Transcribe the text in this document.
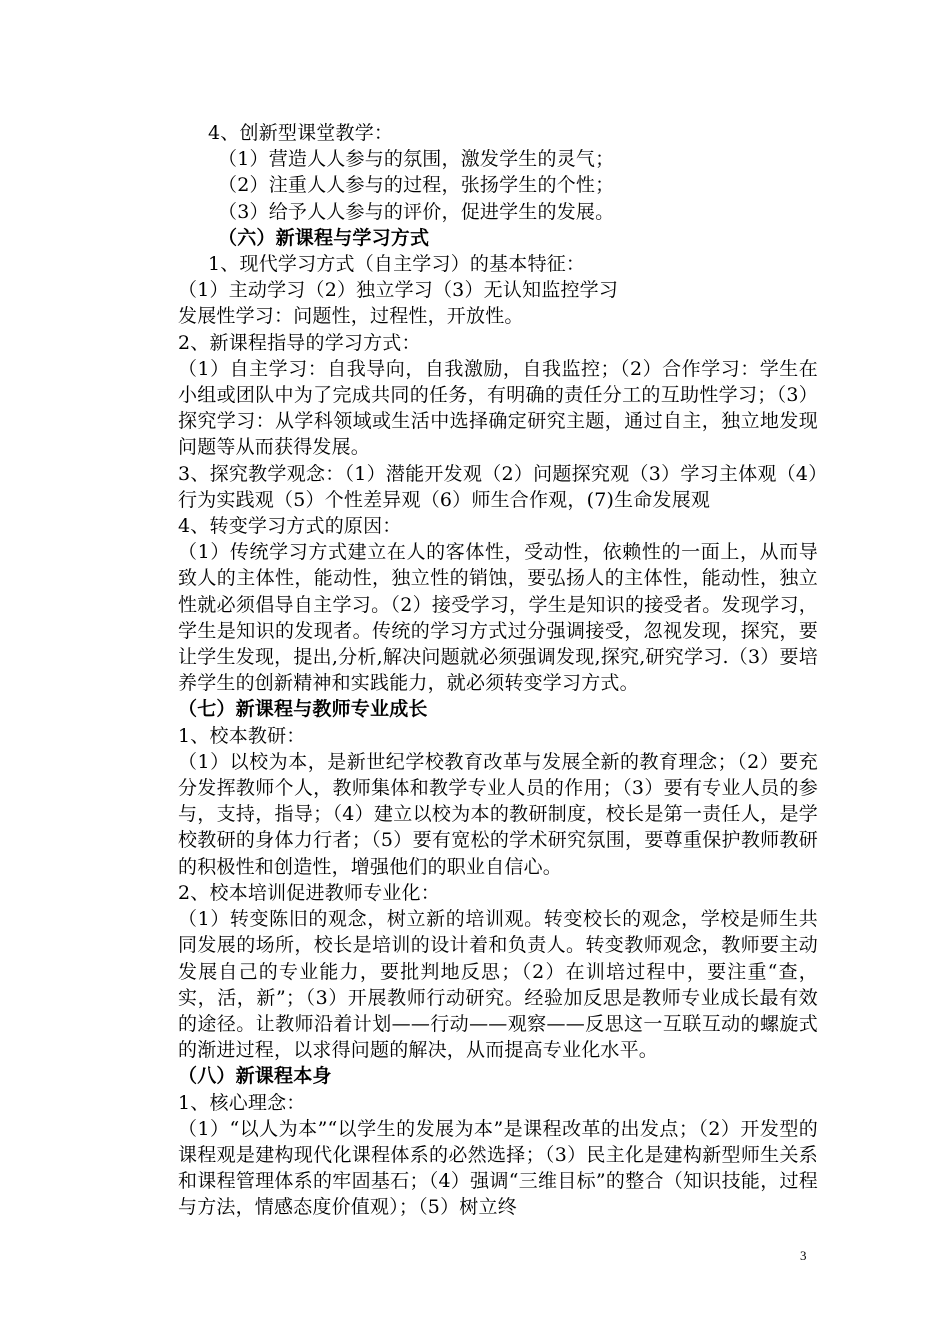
4、创新型课堂教学：
（1）营造人人参与的氛围，激发学生的灵气；
（2）注重人人参与的过程，张扬学生的个性；
（3）给予人人参与的评价，促进学生的发展。
（六）新课程与学习方式
1、现代学习方式（自主学习）的基本特征：
（1）主动学习（2）独立学习（3）无认知监控学习
发展性学习：问题性，过程性，开放性。
2、新课程指导的学习方式：
（1）自主学习：自我导向，自我激励，自我监控；（2）合作学习：学生在小组或团队中为了完成共同的任务，有明确的责任分工的互助性学习；（3）探究学习：从学科领域或生活中选择确定研究主题，通过自主，独立地发现问题等从而获得发展。
3、探究教学观念：（1）潜能开发观（2）问题探究观（3）学习主体观（4）行为实践观（5）个性差异观（6）师生合作观，(7)生命发展观
4、转变学习方式的原因：
（1）传统学习方式建立在人的客体性，受动性，依赖性的一面上，从而导致人的主体性，能动性，独立性的销蚀，要弘扬人的主体性，能动性，独立性就必须倡导自主学习。（2）接受学习，学生是知识的接受者。发现学习，学生是知识的发现者。传统的学习方式过分强调接受，忽视发现，探究，要让学生发现，提出,分析,解决问题就必须强调发现,探究,研究学习.（3）要培养学生的创新精神和实践能力，就必须转变学习方式。
（七）新课程与教师专业成长
1、校本教研：
（1）以校为本，是新世纪学校教育改革与发展全新的教育理念；（2）要充分发挥教师个人，教师集体和教学专业人员的作用；（3）要有专业人员的参与，支持，指导；（4）建立以校为本的教研制度，校长是第一责任人，是学校教研的身体力行者；（5）要有宽松的学术研究氛围，要尊重保护教师教研的积极性和创造性，增强他们的职业自信心。
2、校本培训促进教师专业化：
（1）转变陈旧的观念，树立新的培训观。转变校长的观念，学校是师生共同发展的场所，校长是培训的设计着和负责人。转变教师观念，教师要主动发展自己的专业能力，要批判地反思；（2）在训培过程中，要注重“查，实，活，新”；（3）开展教师行动研究。经验加反思是教师专业成长最有效的途径。让教师沿着计划——行动——观察——反思这一互联互动的螺旋式的渐进过程，以求得问题的解决，从而提高专业化水平。
（八）新课程本身
1、核心理念：
（1）“以人为本”“以学生的发展为本”是课程改革的出发点；（2）开发型的课程观是建构现代化课程体系的必然选择；（3）民主化是建构新型师生关系和课程管理体系的牢固基石；（4）强调“三维目标”的整合（知识技能，过程与方法，情感态度价值观）；（5）树立终
3
